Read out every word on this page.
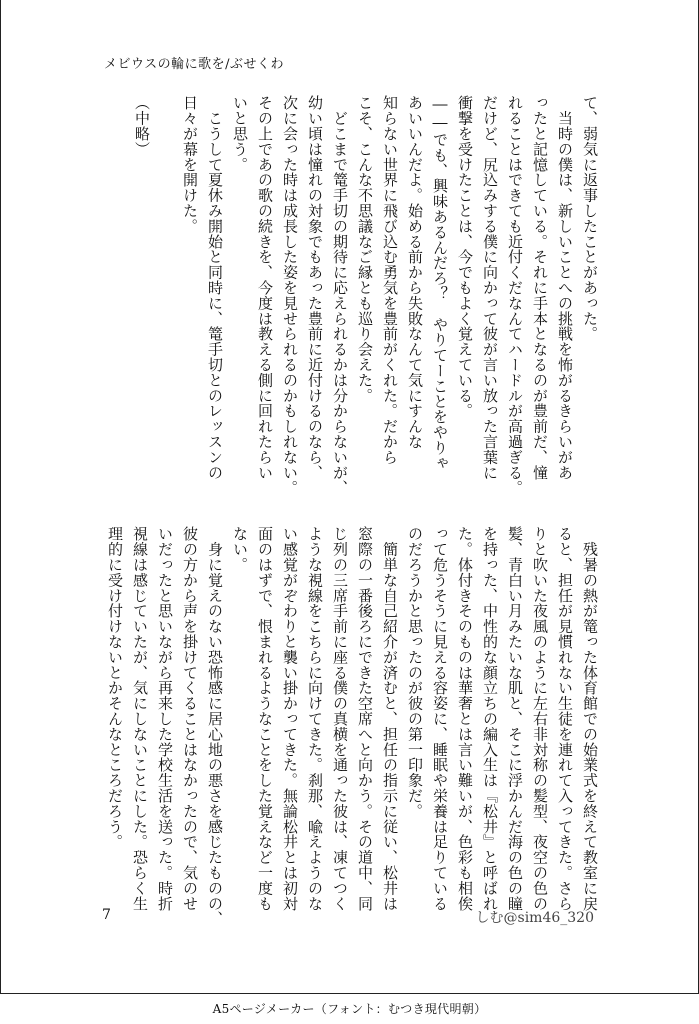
メビウスの輪に歌を/ぶせくわ
て、弱気に返事したことがあった。
　当時の僕は、新しいことへの挑戦を怖がるきらいがあ
ったと記憶している。それに手本となるのが豊前だ、憧
れることはできても近付くだなんてハードルが高過ぎる。
だけど、尻込みする僕に向かって彼が言い放った言葉に
衝撃を受けたことは、今でもよく覚えている。
――でも、興味あるんだろ？　やりてーことをやりゃ
あいいんだよ。始める前から失敗なんて気にすんな
知らない世界に飛び込む勇気を豊前がくれた。だから
こそ、こんな不思議なご縁とも巡り会えた。
　どこまで篭手切の期待に応えられるかは分からないが、
幼い頃は憧れの対象でもあった豊前に近付けるのなら、
次に会った時は成長した姿を見せられるのかもしれない。
その上であの歌の続きを、今度は教える側に回れたらい
いと思う。
　こうして夏休み開始と同時に、篭手切とのレッスンの
日々が幕を開けた。
（中略）
　残暑の熱が篭った体育館での始業式を終えて教室に戻
ると、担任が見慣れない生徒を連れて入ってきた。さら
りと吹いた夜風のように左右非対称の髪型、夜空の色の
髪、青白い月みたいな肌と、そこに浮かんだ海の色の瞳
を持った、中性的な顔立ちの編入生は『松井』と呼ばれ
た。体付きそのものは華奢とは言い難いが、色彩も相俟
って危うそうに見える容姿に、睡眠や栄養は足りている
のだろうかと思ったのが彼の第一印象だ。
　簡単な自己紹介が済むと、担任の指示に従い、松井は
窓際の一番後ろにできた空席へと向かう。その道中、同
じ列の三席手前に座る僕の真横を通った彼は、凍てつく
ような視線をこちらに向けてきた。刹那、喩えようのな
い感覚がぞわりと襲い掛かってきた。無論松井とは初対
面のはずで、恨まれるようなことをした覚えなど一度も
ない。
　身に覚えのない恐怖感に居心地の悪さを感じたものの、
彼の方から声を掛けてくることはなかったので、気のせ
いだったと思いながら再来した学校生活を送った。時折
視線は感じていたが、気にしないことにした。恐らく生
理的に受け付けないとかそんなところだろう。
7	しむ@sim46_320
A5ページメーカー（フォント：むつき現代明朝）
